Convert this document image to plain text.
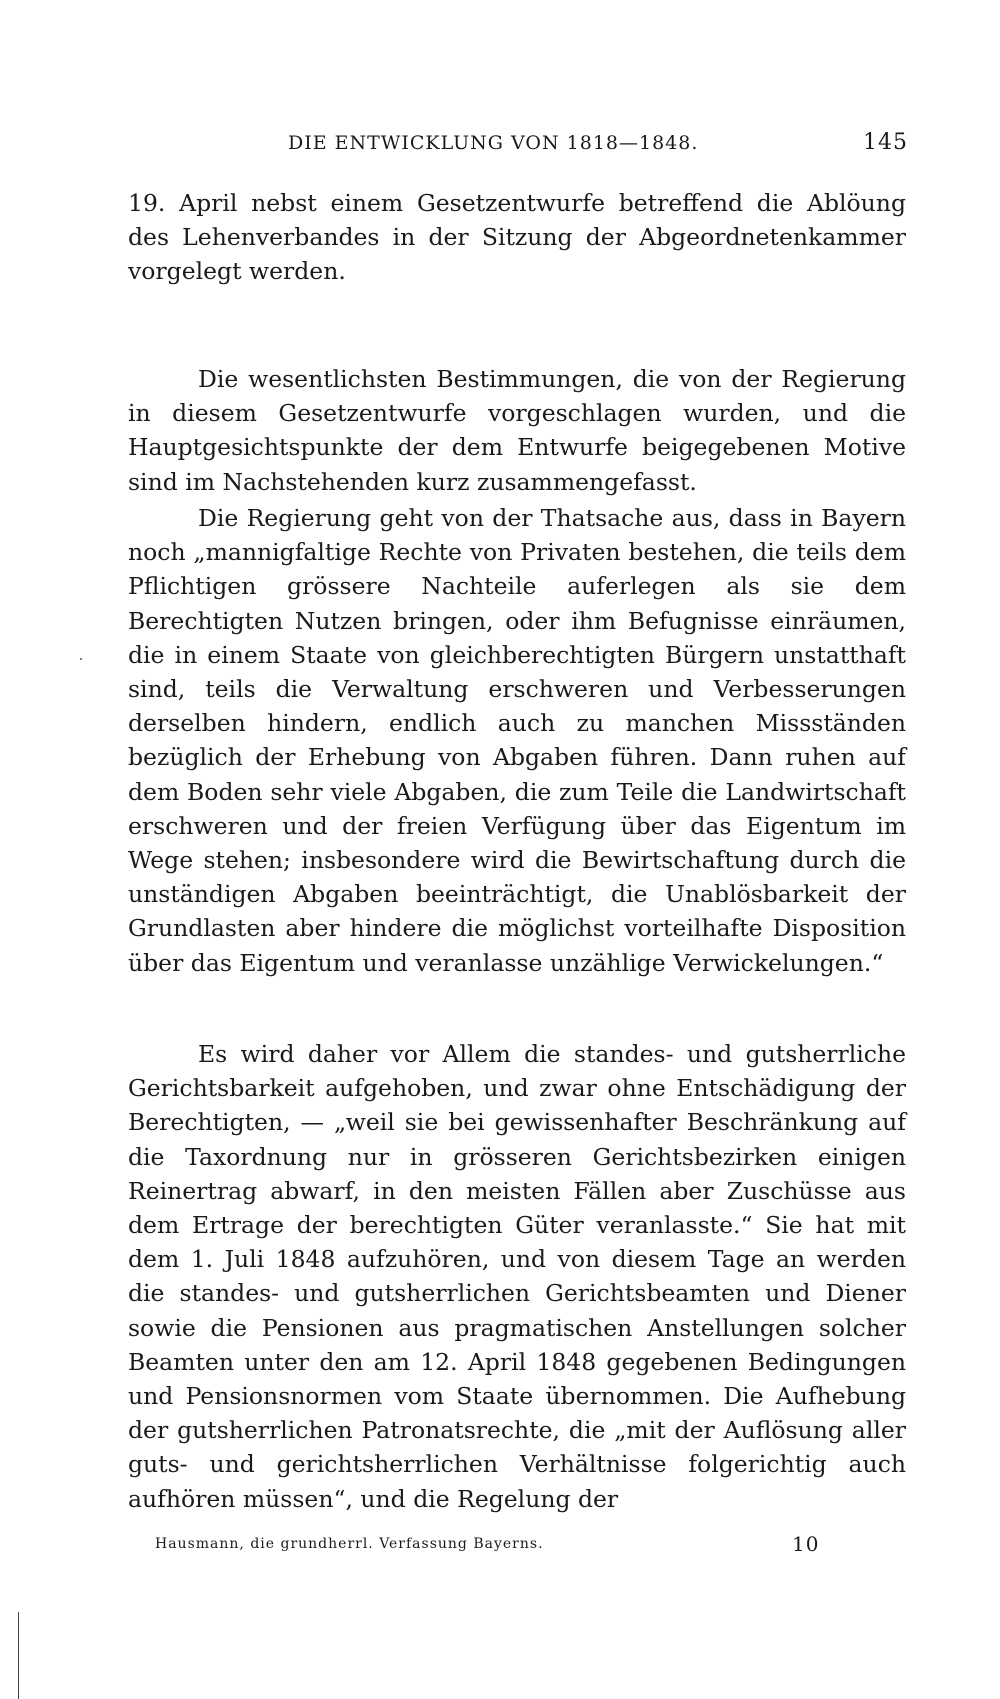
DIE ENTWICKLUNG VON 1818—1848.	145

19. April nebst einem Gesetzentwurfe betreffend die Ablöung des Lehenverbandes in der Sitzung der Abgeordnetenkammer vorgelegt werden.

Die wesentlichsten Bestimmungen, die von der Regierung in diesem Gesetzentwurfe vorgeschlagen wurden, und die Hauptgesichtspunkte der dem Entwurfe beigegebenen Motive sind im Nachstehenden kurz zusammengefasst.

Die Regierung geht von der Thatsache aus, dass in Bayern noch „mannigfaltige Rechte von Privaten bestehen, die teils dem Pflichtigen grössere Nachteile auferlegen als sie dem Berechtigten Nutzen bringen, oder ihm Befugnisse einräumen, die in einem Staate von gleichberechtigten Bürgern unstatthaft sind, teils die Verwaltung erschweren und Verbesserungen derselben hindern, endlich auch zu manchen Missständen bezüglich der Erhebung von Abgaben führen. Dann ruhen auf dem Boden sehr viele Abgaben, die zum Teile die Landwirtschaft erschweren und der freien Verfügung über das Eigentum im Wege stehen; insbesondere wird die Bewirtschaftung durch die unständigen Abgaben beeinträchtigt, die Unablösbarkeit der Grundlasten aber hindere die möglichst vorteilhafte Disposition über das Eigentum und veranlasse unzählige Verwickelungen.“

Es wird daher vor Allem die standes- und gutsherrliche Gerichtsbarkeit aufgehoben, und zwar ohne Entschädigung der Berechtigten, — „weil sie bei gewissenhafter Beschränkung auf die Taxordnung nur in grösseren Gerichtsbezirken einigen Reinertrag abwarf, in den meisten Fällen aber Zuschüsse aus dem Ertrage der berechtigten Güter veranlasste.“ Sie hat mit dem 1. Juli 1848 aufzuhören, und von diesem Tage an werden die standes- und gutsherrlichen Gerichtsbeamten und Diener sowie die Pensionen aus pragmatischen Anstellungen solcher Beamten unter den am 12. April 1848 gegebenen Bedingungen und Pensionsnormen vom Staate übernommen. Die Aufhebung der gutsherrlichen Patronatsrechte, die „mit der Auflösung aller guts- und gerichtsherrlichen Verhältnisse folgerichtig auch aufhören müssen“, und die Regelung der

Hausmann, die grundherrl. Verfassung Bayerns.	10
